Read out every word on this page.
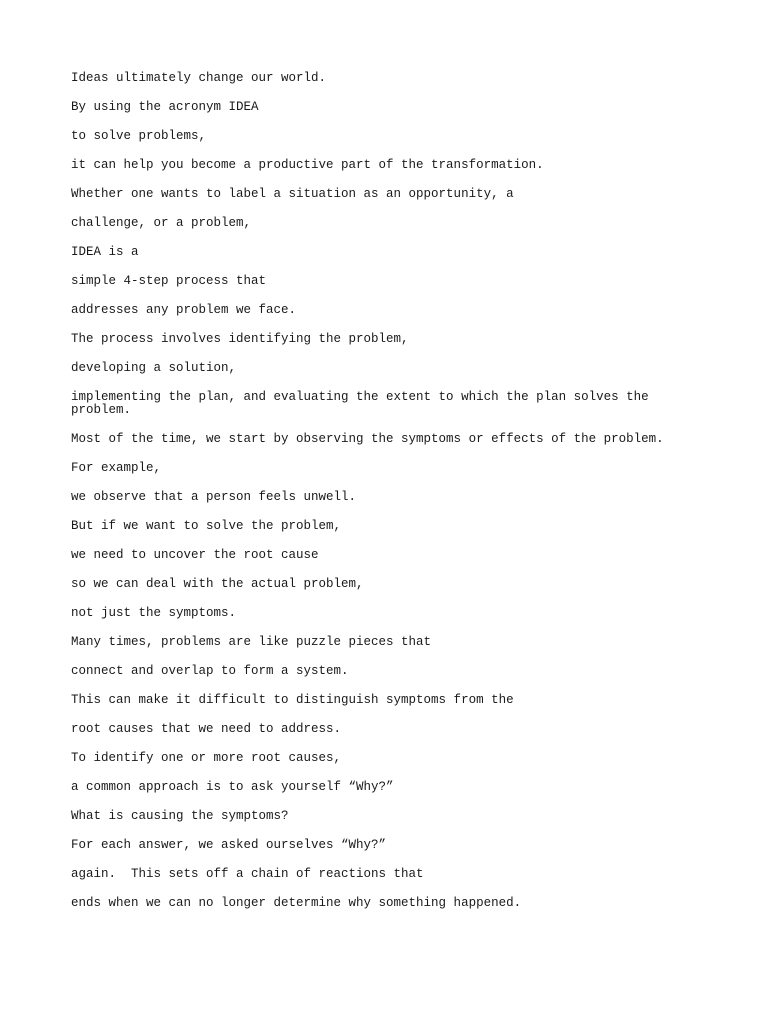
Ideas ultimately change our world.

By using the acronym IDEA

to solve problems,

it can help you become a productive part of the transformation.

Whether one wants to label a situation as an opportunity, a

challenge, or a problem,

IDEA is a

simple 4-step process that

addresses any problem we face.

The process involves identifying the problem,

developing a solution,

implementing the plan, and evaluating the extent to which the plan solves the problem.

Most of the time, we start by observing the symptoms or effects of the problem.

For example,

we observe that a person feels unwell.

But if we want to solve the problem,

we need to uncover the root cause

so we can deal with the actual problem,

not just the symptoms.

Many times, problems are like puzzle pieces that

connect and overlap to form a system.

This can make it difficult to distinguish symptoms from the

root causes that we need to address.

To identify one or more root causes,

a common approach is to ask yourself “Why?”

What is causing the symptoms?

For each answer, we asked ourselves “Why?”

again.  This sets off a chain of reactions that

ends when we can no longer determine why something happened.
